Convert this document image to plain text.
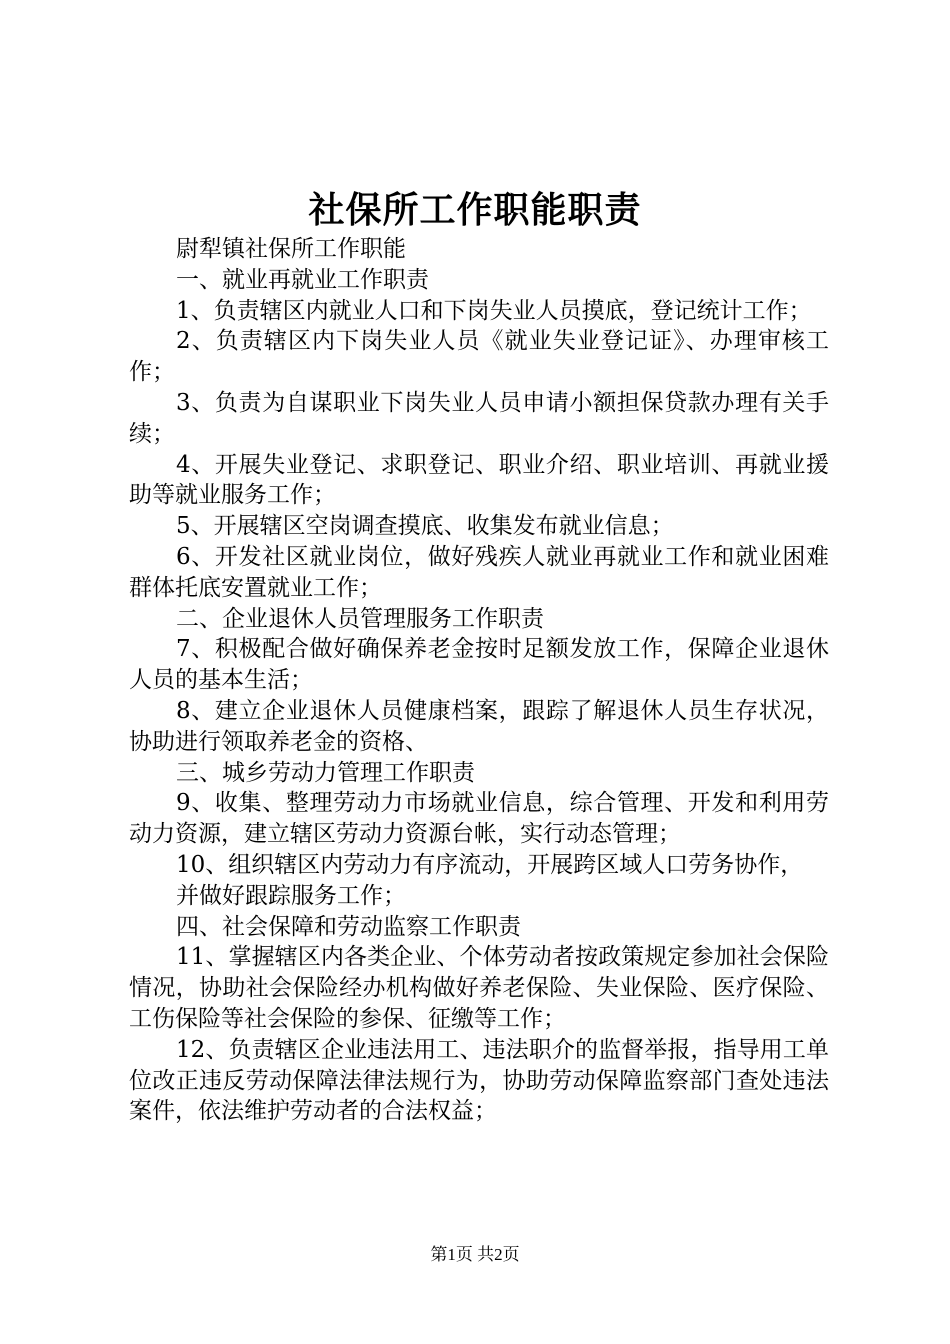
社保所工作职能职责

尉犁镇社保所工作职能

一、就业再就业工作职责

1、负责辖区内就业人口和下岗失业人员摸底，登记统计工作；

2、负责辖区内下岗失业人员《就业失业登记证》、办理审核工作；

3、负责为自谋职业下岗失业人员申请小额担保贷款办理有关手续；

4、开展失业登记、求职登记、职业介绍、职业培训、再就业援助等就业服务工作；

5、开展辖区空岗调查摸底、收集发布就业信息；

6、开发社区就业岗位，做好残疾人就业再就业工作和就业困难群体托底安置就业工作；

二、企业退休人员管理服务工作职责

7、积极配合做好确保养老金按时足额发放工作，保障企业退休人员的基本生活；

8、建立企业退休人员健康档案，跟踪了解退休人员生存状况，协助进行领取养老金的资格、

三、城乡劳动力管理工作职责

9、收集、整理劳动力市场就业信息，综合管理、开发和利用劳动力资源，建立辖区劳动力资源台帐，实行动态管理；

10、组织辖区内劳动力有序流动，开展跨区域人口劳务协作，

并做好跟踪服务工作；

四、社会保障和劳动监察工作职责

11、掌握辖区内各类企业、个体劳动者按政策规定参加社会保险情况，协助社会保险经办机构做好养老保险、失业保险、医疗保险、工伤保险等社会保险的参保、征缴等工作；

12、负责辖区企业违法用工、违法职介的监督举报，指导用工单位改正违反劳动保障法律法规行为，协助劳动保障监察部门查处违法案件，依法维护劳动者的合法权益；

第1页 共2页
